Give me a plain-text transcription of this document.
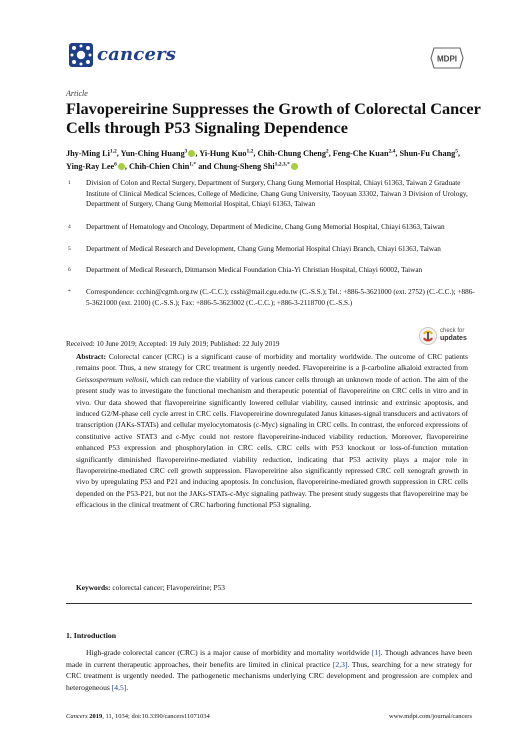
cancers	MDPI
Article
Flavopereirine Suppresses the Growth of Colorectal Cancer Cells through P53 Signaling Dependence
Jhy-Ming Li$^{1,2}$, Yun-Ching Huang$^3$ , Yi-Hung Kuo$^{1,2}$, Chih-Chung Cheng$^2$, Feng-Che Kuan$^{2,4}$, Shun-Fu Chang$^5$, Ying-Ray Lee$^6$ , Chih-Chien Chin$^{1,*}$ and Chung-Sheng Shi$^{1,2,3,*}$
1 Division of Colon and Rectal Surgery, Department of Surgery, Chang Gung Memorial Hospital, Chiayi 61363, Taiwan 2 Graduate Institute of Clinical Medical Sciences, College of Medicine, Chang Gung University, Taoyuan 33302, Taiwan 3 Division of Urology, Department of Surgery, Chang Gung Memorial Hospital, Chiayi 61363, Taiwan
4 Department of Hematology and Oncology, Department of Medicine, Chang Gung Memorial Hospital, Chiayi 61363, Taiwan
5 Department of Medical Research and Development, Chang Gung Memorial Hospital Chiayi Branch, Chiayi 61363, Taiwan
6 Department of Medical Research, Ditmanson Medical Foundation Chia-Yi Christian Hospital, Chiayi 60002, Taiwan
* Correspondence: ccchin@cgmh.org.tw (C.-C.C.); csshi@mail.cgu.edu.tw (C.-S.S.); Tel.: +886-5-3621000 (ext. 2752) (C.-C.C.); +886-5-3621000 (ext. 2100) (C.-S.S.); Fax: +886-5-3623002 (C.-C.C.); +886-3-2118700 (C.-S.S.)
Received: 10 June 2019; Accepted: 19 July 2019; Published: 22 July 2019
check for
updates

Abstract: Colorectal cancer (CRC) is a significant cause of morbidity and mortality worldwide. The outcome of CRC patients remains poor. Thus, a new strategy for CRC treatment is urgently needed. Flavopereirine is a β-carboline alkaloid extracted from Geissospermum vellosii, which can reduce the viability of various cancer cells through an unknown mode of action. The aim of the present study was to investigate the functional mechanism and therapeutic potential of flavopereirine on CRC cells in vitro and in vivo. Our data showed that flavopereirine significantly lowered cellular viability, caused intrinsic and extrinsic apoptosis, and induced G2/M-phase cell cycle arrest in CRC cells. Flavopereirine downregulated Janus kinases-signal transducers and activators of transcription (JAKs-STATs) and cellular myelocytomatosis (c-Myc) signaling in CRC cells. In contrast, the enforced expressions of constitutive active STAT3 and c-Myc could not restore flavopereirine-induced viability reduction. Moreover, flavopereirine enhanced P53 expression and phosphorylation in CRC cells. CRC cells with P53 knockout or loss-of-function mutation significantly diminished flavopereirine-mediated viability reduction, indicating that P53 activity plays a major role in flavopereirine-mediated CRC cell growth suppression. Flavopereirine also significantly repressed CRC cell xenograft growth in vivo by upregulating P53 and P21 and inducing apoptosis. In conclusion, flavopereirine-mediated growth suppression in CRC cells depended on the P53-P21, but not the JAKs-STATs-c-Myc signaling pathway. The present study suggests that flavopereirine may be efficacious in the clinical treatment of CRC harboring functional P53 signaling.

Keywords: colorectal cancer; Flavopereirine; P53
1. Introduction

High-grade colorectal cancer (CRC) is a major cause of morbidity and mortality worldwide [1]. Though advances have been made in current therapeutic approaches, their benefits are limited in clinical practice [2,3]. Thus, searching for a new strategy for CRC treatment is urgently needed. The pathogenetic mechanisms underlying CRC development and progression are complex and heterogeneous [4,5].

Cancers 2019, 11, 1034; doi:10.3390/cancers11071034	www.mdpi.com/journal/cancers
